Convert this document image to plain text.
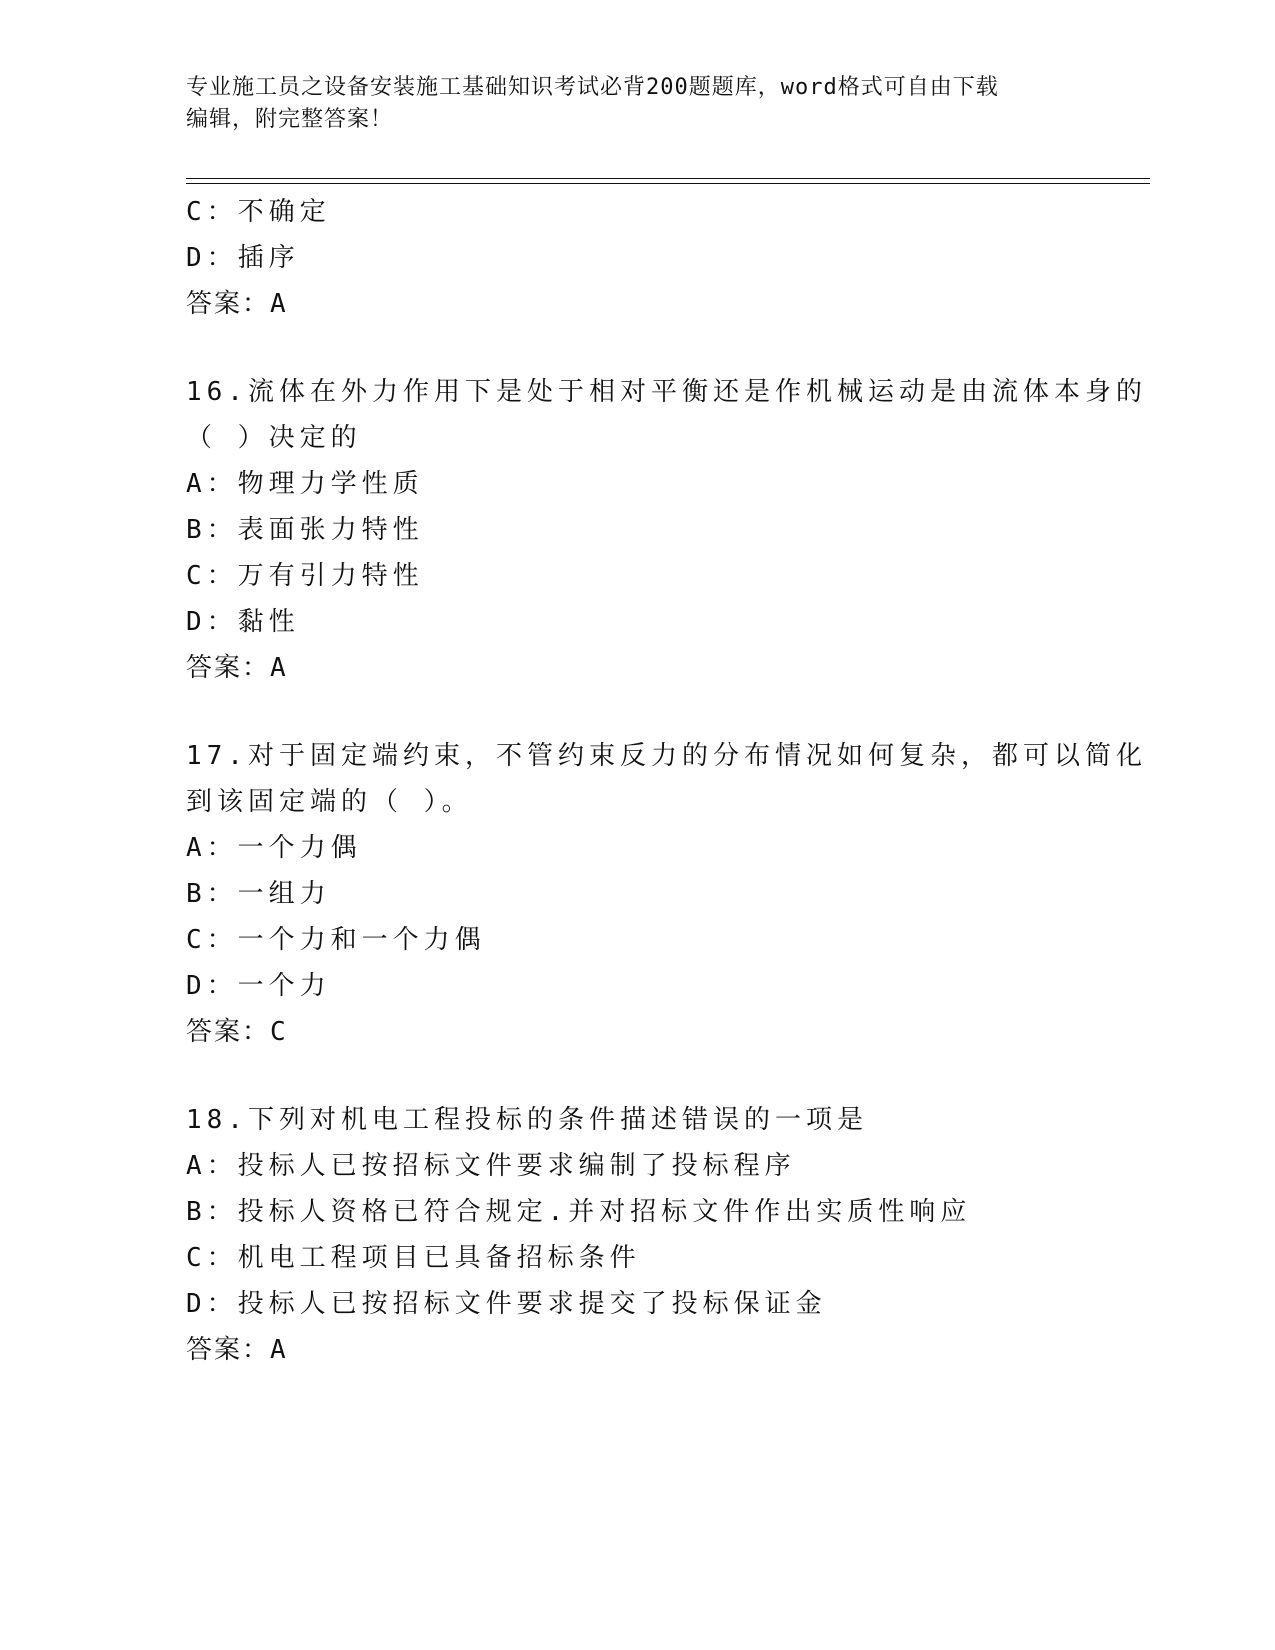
专业施工员之设备安装施工基础知识考试必背200题题库，word格式可自由下载
编辑，附完整答案！
C：不确定
D：插序
答案：A
16.流体在外力作用下是处于相对平衡还是作机械运动是由流体本身的
（ ）决定的
A：物理力学性质
B：表面张力特性
C：万有引力特性
D：黏性
答案：A
17.对于固定端约束，不管约束反力的分布情况如何复杂，都可以简化
到该固定端的（ ）。
A：一个力偶
B：一组力
C：一个力和一个力偶
D：一个力
答案：C
18.下列对机电工程投标的条件描述错误的一项是
A：投标人已按招标文件要求编制了投标程序
B：投标人资格已符合规定.并对招标文件作出实质性响应
C：机电工程项目已具备招标条件
D：投标人已按招标文件要求提交了投标保证金
答案：A
